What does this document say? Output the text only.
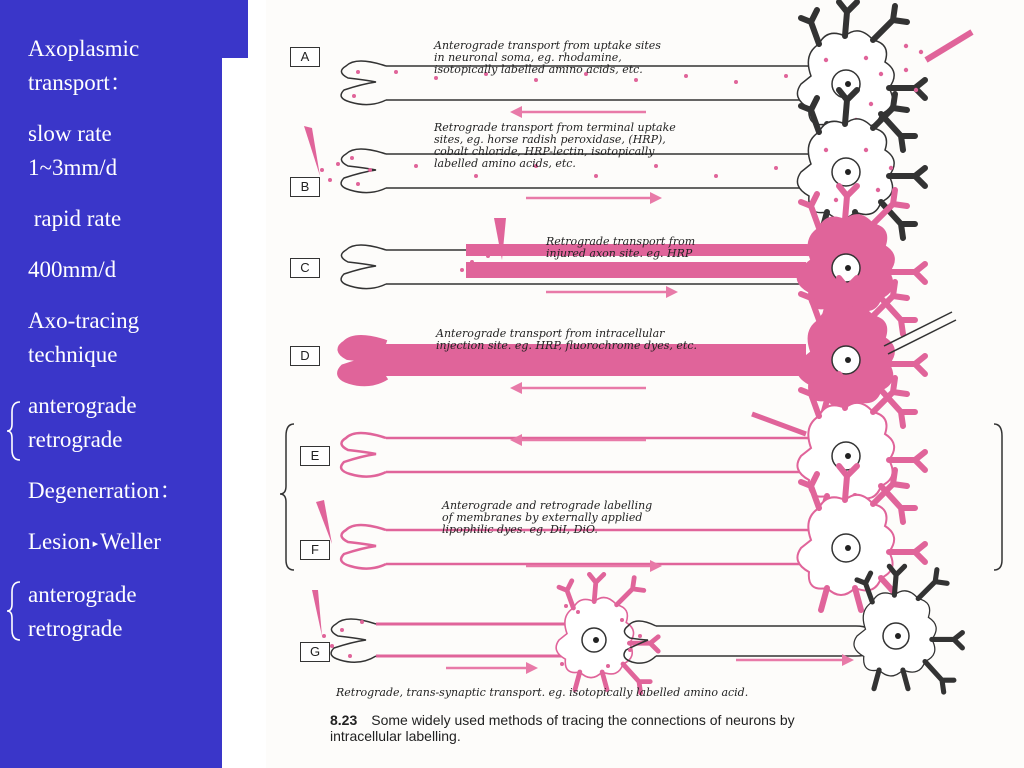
Axoplasmic
transport：
slow rate
1~3mm/d
rapid rate
400mm/d
Axo-tracing
technique
anterograde
retrograde
Degenerration：
Lesion ▸Weller
anterograde
retrograde
A
B
C
D
E
F
G
Anterograde transport from uptake sites
in neuronal soma, eg. rhodamine,
isotopically labelled amino acids, etc.
Retrograde transport from terminal uptake
sites, eg. horse radish peroxidase, (HRP),
cobalt chloride, HRP-lectin, isotopically
labelled amino acids, etc.
Retrograde transport from
injured axon site. eg. HRP
Anterograde transport from intracellular
injection site. eg. HRP, fluorochrome dyes, etc.
Anterograde and retrograde labelling
of membranes by externally applied
lipophilic dyes. eg. DiI, DiO.
Retrograde, trans-synaptic transport. eg. isotopically labelled amino acid.
8.23 Some widely used methods of tracing the connections of neurons by
intracellular labelling.
